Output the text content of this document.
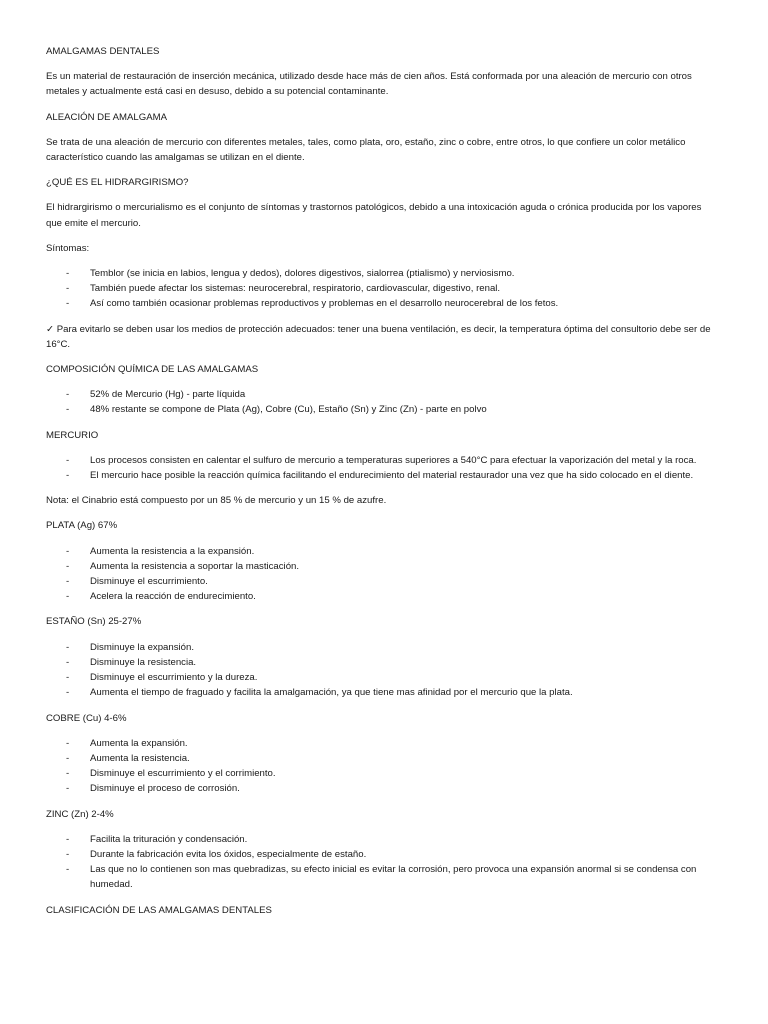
AMALGAMAS DENTALES

Es un material de restauración de inserción mecánica, utilizado desde hace más de cien años. Está conformada por una aleación de mercurio con otros metales y actualmente está casi en desuso, debido a su potencial contaminante.

ALEACIÓN DE AMALGAMA

Se trata de una aleación de mercurio con diferentes metales, tales, como plata, oro, estaño, zinc o cobre, entre otros, lo que confiere un color metálico característico cuando las amalgamas se utilizan en el diente.

¿QUÉ ES EL HIDRARGIRISMO?

El hidrargirismo o mercurialismo es el conjunto de síntomas y trastornos patológicos, debido a una intoxicación aguda o crónica producida por los vapores que emite el mercurio.

Síntomas:

- Temblor (se inicia en labios, lengua y dedos), dolores digestivos, sialorrea (ptialismo) y nerviosismo.
- También puede afectar los sistemas: neurocerebral, respiratorio, cardiovascular, digestivo, renal.
- Así como también ocasionar problemas reproductivos y problemas en el desarrollo neurocerebral de los fetos.

✓ Para evitarlo se deben usar los medios de protección adecuados: tener una buena ventilación, es decir, la temperatura óptima del consultorio debe ser de 16°C.

COMPOSICIÓN QUÍMICA DE LAS AMALGAMAS

- 52% de Mercurio (Hg) - parte líquida
- 48% restante se compone de Plata (Ag), Cobre (Cu), Estaño (Sn) y Zinc (Zn) - parte en polvo

MERCURIO

- Los procesos consisten en calentar el sulfuro de mercurio a temperaturas superiores a 540°C para efectuar la vaporización del metal y la roca.
- El mercurio hace posible la reacción química facilitando el endurecimiento del material restaurador una vez que ha sido colocado en el diente.

Nota: el Cinabrio está compuesto por un 85 % de mercurio y un 15 % de azufre.

PLATA (Ag) 67%

- Aumenta la resistencia a la expansión.
- Aumenta la resistencia a soportar la masticación.
- Disminuye el escurrimiento.
- Acelera la reacción de endurecimiento.

ESTAÑO (Sn) 25-27%

- Disminuye la expansión.
- Disminuye la resistencia.
- Disminuye el escurrimiento y la dureza.
- Aumenta el tiempo de fraguado y facilita la amalgamación, ya que tiene mas afinidad por el mercurio que la plata.

COBRE (Cu) 4-6%

- Aumenta la expansión.
- Aumenta la resistencia.
- Disminuye el escurrimiento y el corrimiento.
- Disminuye el proceso de corrosión.

ZINC (Zn) 2-4%

- Facilita la trituración y condensación.
- Durante la fabricación evita los óxidos, especialmente de estaño.
- Las que no lo contienen son mas quebradizas, su efecto inicial es evitar la corrosión, pero provoca una expansión anormal si se condensa con humedad.

CLASIFICACIÓN DE LAS AMALGAMAS DENTALES
